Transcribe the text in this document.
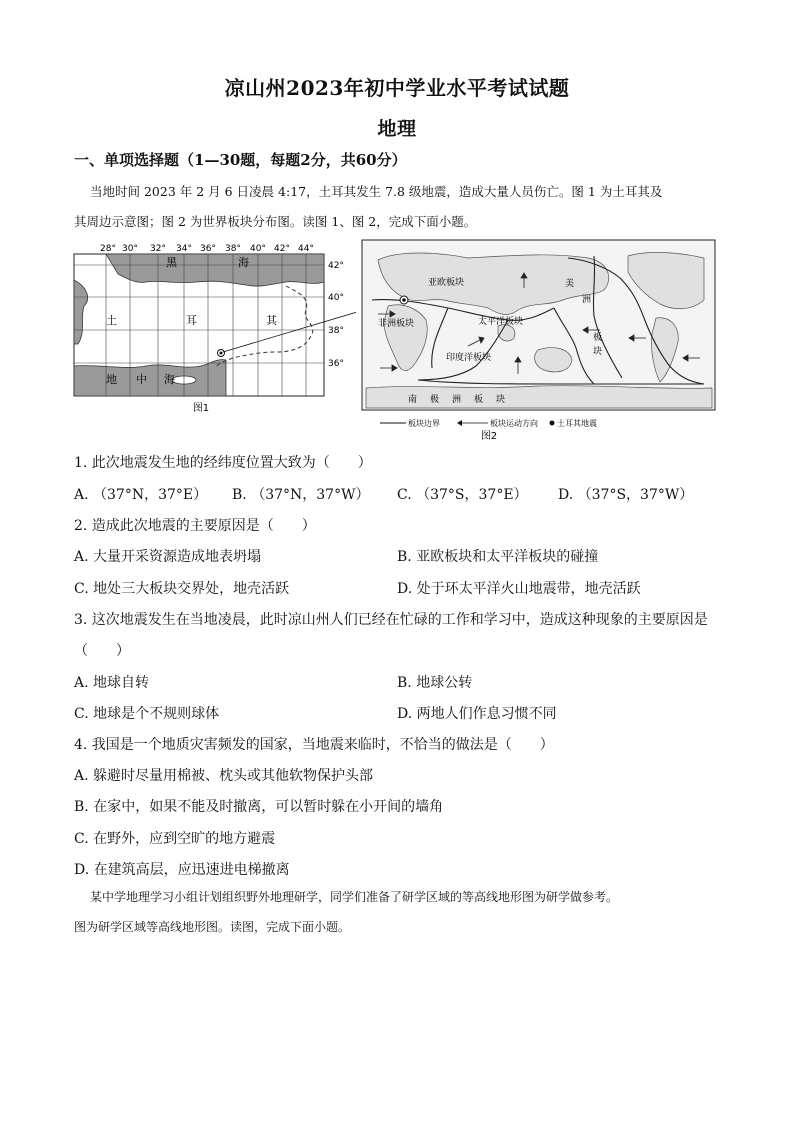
凉山州2023年初中学业水平考试试题
地理
一、单项选择题（1—30题，每题2分，共60分）
当地时间 2023 年 2 月 6 日凌晨 4:17，土耳其发生 7.8 级地震，造成大量人员伤亡。图 1 为土耳其及
其周边示意图；图 2 为世界板块分布图。读图 1、图 2，完成下面小题。
28° 30° 32° 34° 36° 38° 40° 42° 44°
42°
40°
38°
36°
黑	海
土	耳	其
地 中 海
图1
亚欧板块	美
洲
非洲板块	太平洋板块
印度洋板块
板
块
南 极 洲 板 块
板块边界	板块运动方向 土耳其地震
图2
1. 此次地震发生地的经纬度位置大致为（　　）
A. （37°N，37°E） B. （37°N，37°W） C. （37°S，37°E） D. （37°S，37°W）
2. 造成此次地震的主要原因是（　　）
A. 大量开采资源造成地表坍塌	B. 亚欧板块和太平洋板块的碰撞
C. 地处三大板块交界处，地壳活跃	D. 处于环太平洋火山地震带，地壳活跃
3. 这次地震发生在当地凌晨，此时凉山州人们已经在忙碌的工作和学习中，造成这种现象的主要原因是
（　　）
A. 地球自转	B. 地球公转
C. 地球是个不规则球体	D. 两地人们作息习惯不同
4. 我国是一个地质灾害频发的国家，当地震来临时，不恰当的做法是（　　）
A. 躲避时尽量用棉被、枕头或其他软物保护头部
B. 在家中，如果不能及时撤离，可以暂时躲在小开间的墙角
C. 在野外，应到空旷的地方避震
D. 在建筑高层，应迅速进电梯撤离
某中学地理学习小组计划组织野外地理研学，同学们准备了研学区域的等高线地形图为研学做参考。
图为研学区域等高线地形图。读图，完成下面小题。
